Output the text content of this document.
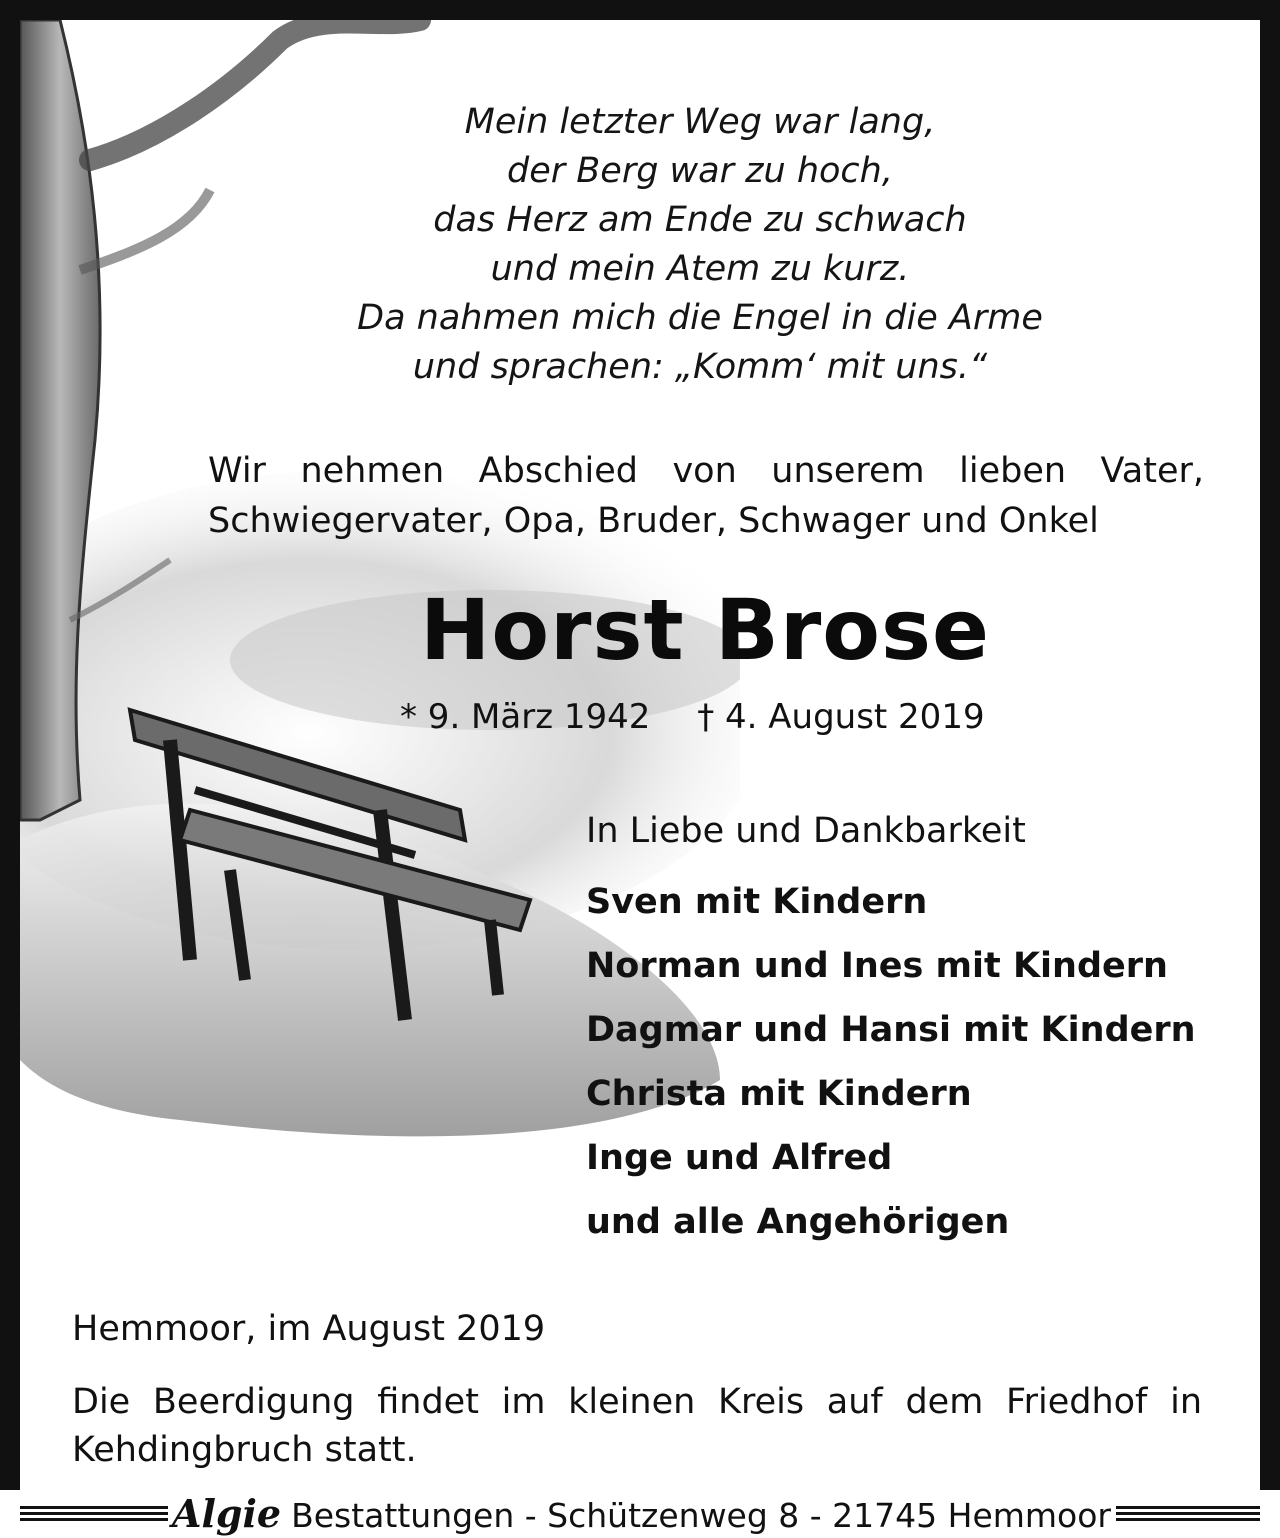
Mein letzter Weg war lang,
der Berg war zu hoch,
das Herz am Ende zu schwach
und mein Atem zu kurz.
Da nahmen mich die Engel in die Arme
und sprachen: „Komm‘ mit uns.“
Wir nehmen Abschied von unserem lieben Vater,
Schwiegervater, Opa, Bruder, Schwager und Onkel
Horst Brose
* 9. März 1942 † 4. August 2019
In Liebe und Dankbarkeit
Sven mit Kindern
Norman und Ines mit Kindern
Dagmar und Hansi mit Kindern
Christa mit Kindern
Inge und Alfred
und alle Angehörigen
Hemmoor, im August 2019
Die Beerdigung findet im kleinen Kreis auf dem Friedhof in
Kehdingbruch statt.
Algie Bestattungen - Schützenweg 8 - 21745 Hemmoor
